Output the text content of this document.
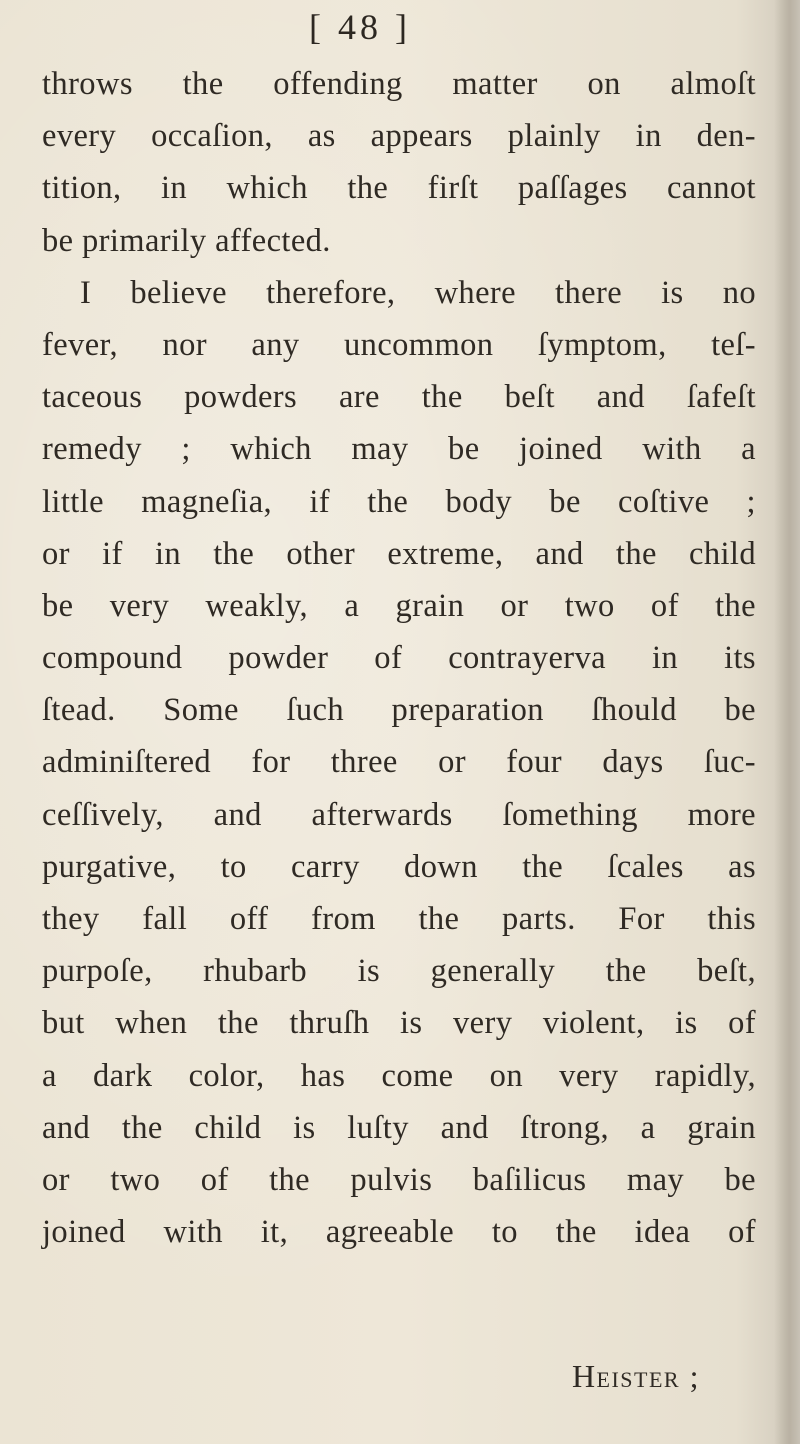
[ 48 ]
throws the offending matter on almoſt
every occaſion, as appears plainly in den-
tition, in which the firſt paſſages cannot
be primarily affected.
I believe therefore, where there is no
fever, nor any uncommon ſymptom, teſ-
taceous powders are the beſt and ſafeſt
remedy ; which may be joined with a
little magneſia, if the body be coſtive ;
or if in the other extreme, and the child
be very weakly, a grain or two of the
compound powder of contrayerva in its
ſtead. Some ſuch preparation ſhould be
adminiſtered for three or four days ſuc-
ceſſively, and afterwards ſomething more
purgative, to carry down the ſcales as
they fall off from the parts. For this
purpoſe, rhubarb is generally the beſt,
but when the thruſh is very violent, is of
a dark color, has come on very rapidly,
and the child is luſty and ſtrong, a grain
or two of the pulvis baſilicus may be
joined with it, agreeable to the idea of
Heister ;
